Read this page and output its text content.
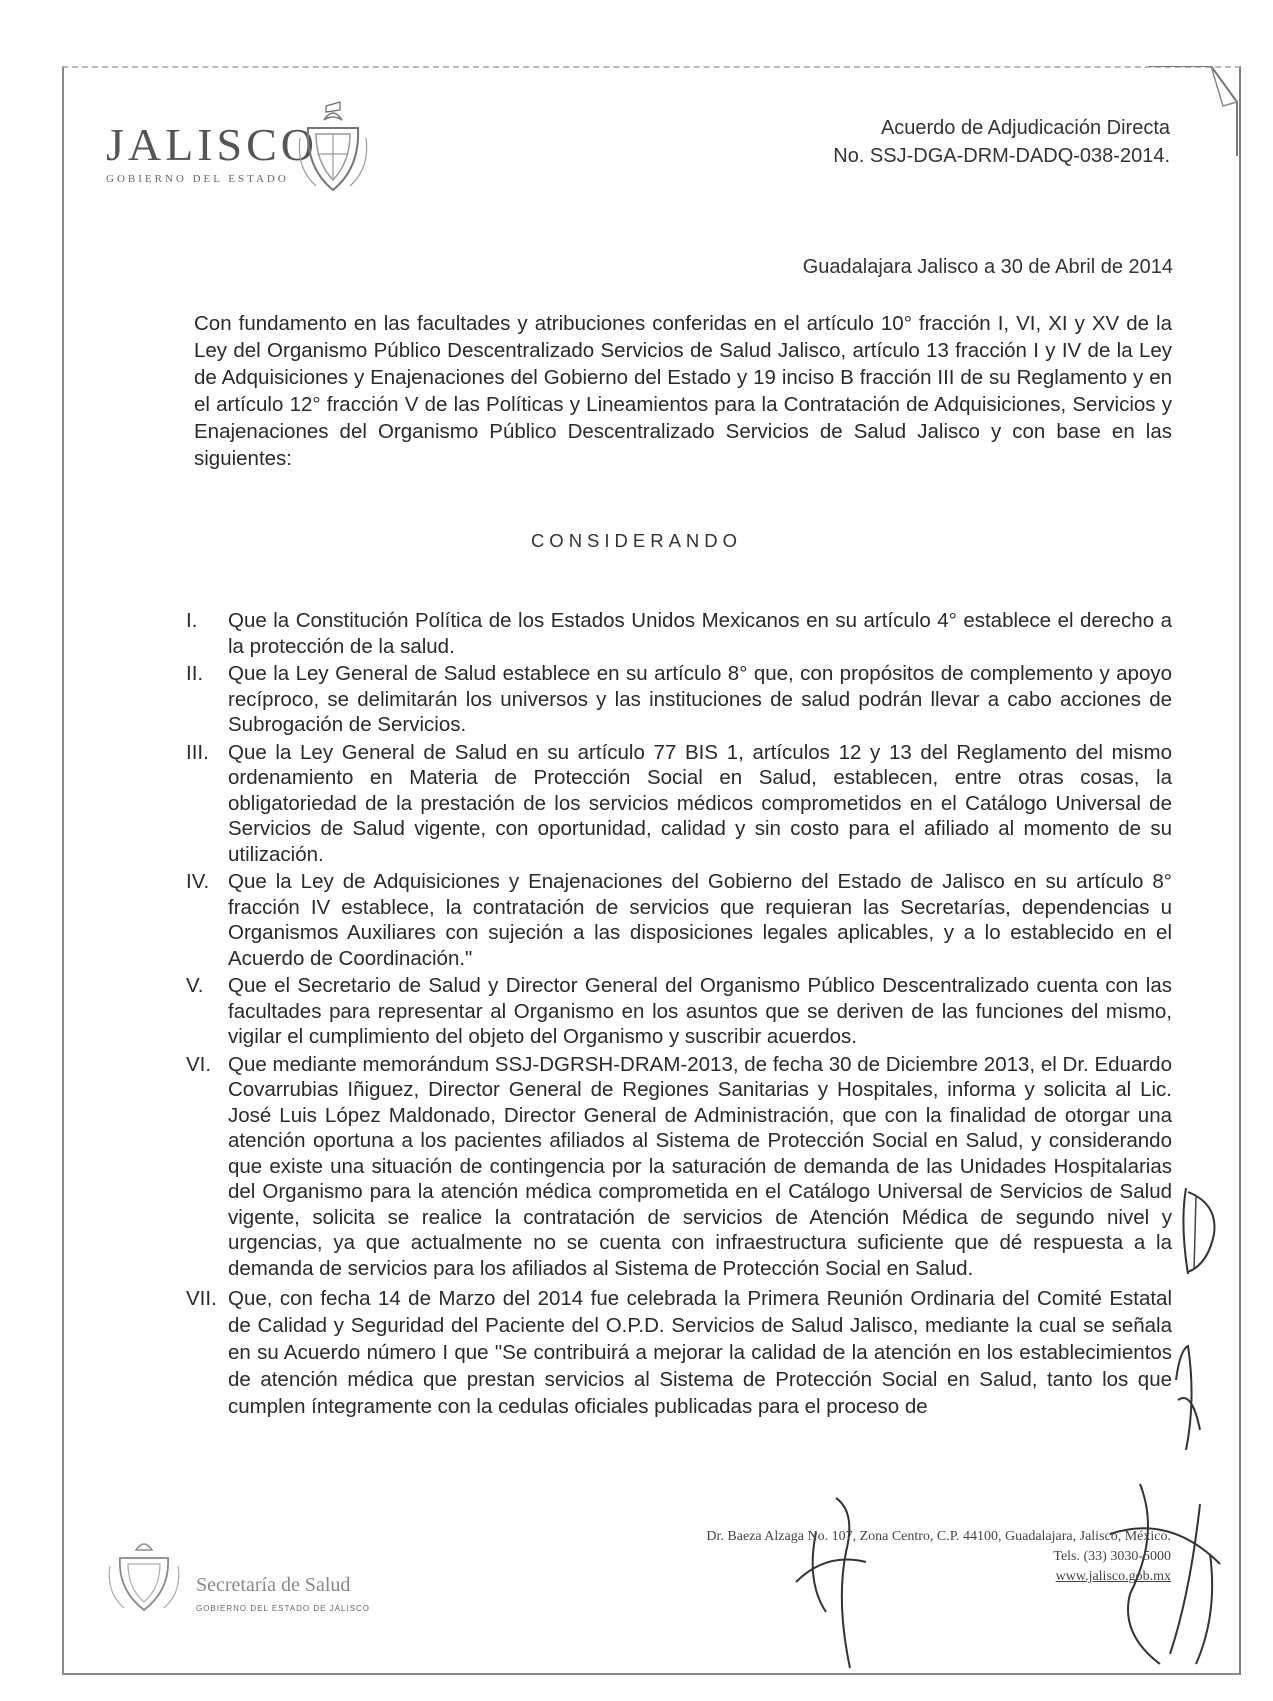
JALISCO
GOBIERNO DEL ESTADO
Acuerdo de Adjudicación Directa
No. SSJ-DGA-DRM-DADQ-038-2014.
Guadalajara Jalisco a 30 de Abril de 2014

Con fundamento en las facultades y atribuciones conferidas en el artículo 10° fracción I, VI, XI y XV de la Ley del Organismo Público Descentralizado Servicios de Salud Jalisco, artículo 13 fracción I y IV de la Ley de Adquisiciones y Enajenaciones del Gobierno del Estado y 19 inciso B fracción III de su Reglamento y en el artículo 12° fracción V de las Políticas y Lineamientos para la Contratación de Adquisiciones, Servicios y Enajenaciones del Organismo Público Descentralizado Servicios de Salud Jalisco y con base en las siguientes:

CONSIDERANDO
I.	Que la Constitución Política de los Estados Unidos Mexicanos en su artículo 4° establece el derecho a la protección de la salud.
II.	Que la Ley General de Salud establece en su artículo 8° que, con propósitos de complemento y apoyo recíproco, se delimitarán los universos y las instituciones de salud podrán llevar a cabo acciones de Subrogación de Servicios.
III. Que la Ley General de Salud en su artículo 77 BIS 1, artículos 12 y 13 del Reglamento del mismo ordenamiento en Materia de Protección Social en Salud, establecen, entre otras cosas, la obligatoriedad de la prestación de los servicios médicos comprometidos en el Catálogo Universal de Servicios de Salud vigente, con oportunidad, calidad y sin costo para el afiliado al momento de su utilización.
IV. Que la Ley de Adquisiciones y Enajenaciones del Gobierno del Estado de Jalisco en su artículo 8° fracción IV establece, la contratación de servicios que requieran las Secretarías, dependencias u Organismos Auxiliares con sujeción a las disposiciones legales aplicables, y a lo establecido en el Acuerdo de Coordinación."
V.	Que el Secretario de Salud y Director General del Organismo Público Descentralizado cuenta con las facultades para representar al Organismo en los asuntos que se deriven de las funciones del mismo, vigilar el cumplimiento del objeto del Organismo y suscribir acuerdos.
VI. Que mediante memorándum SSJ-DGRSH-DRAM-2013, de fecha 30 de Diciembre 2013, el Dr. Eduardo Covarrubias Iñiguez, Director General de Regiones Sanitarias y Hospitales, informa y solicita al Lic. José Luis López Maldonado, Director General de Administración, que con la finalidad de otorgar una atención oportuna a los pacientes afiliados al Sistema de Protección Social en Salud, y considerando que existe una situación de contingencia por la saturación de demanda de las Unidades Hospitalarias del Organismo para la atención médica comprometida en el Catálogo Universal de Servicios de Salud vigente, solicita se realice la contratación de servicios de Atención Médica de segundo nivel y urgencias, ya que actualmente no se cuenta con infraestructura suficiente que dé respuesta a la demanda de servicios para los afiliados al Sistema de Protección Social en Salud.
VII. Que, con fecha 14 de Marzo del 2014 fue celebrada la Primera Reunión Ordinaria del Comité Estatal de Calidad y Seguridad del Paciente del O.P.D. Servicios de Salud Jalisco, mediante la cual se señala en su Acuerdo número I que "Se contribuirá a mejorar la calidad de la atención en los establecimientos de atención médica que prestan servicios al Sistema de Protección Social en Salud, tanto los que cumplen íntegramente con la cedulas oficiales publicadas para el proceso de
Dr. Baeza Alzaga No. 107, Zona Centro, C.P. 44100, Guadalajara, Jalisco, México.
Tels. (33) 3030-5000
www.jalisco.gob.mx
Secretaría de Salud
GOBIERNO DEL ESTADO DE JALISCO
